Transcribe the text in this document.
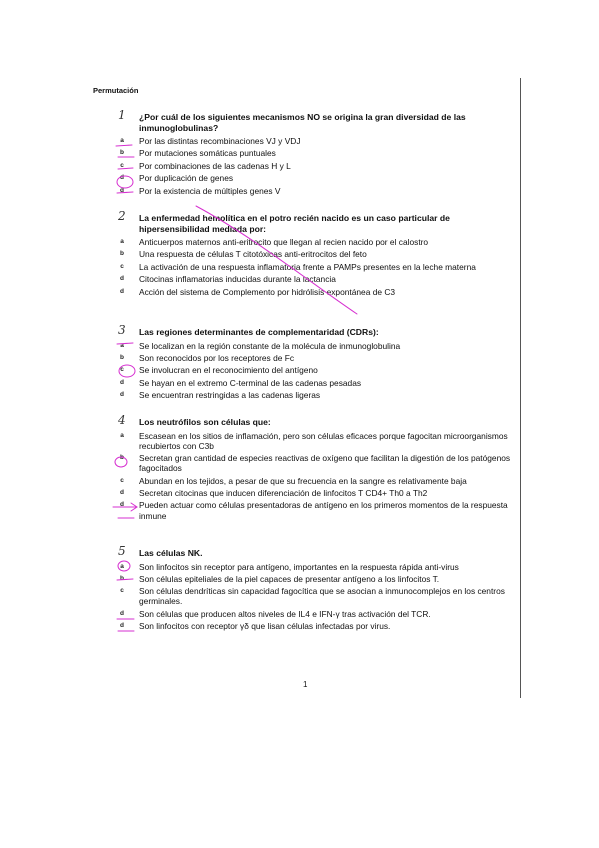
Permutación
1 ¿Por cuál de los siguientes mecanismos NO se origina la gran diversidad de las inmunoglobulinas?
a	Por las distintas recombinaciones VJ y VDJ
b	Por mutaciones somáticas puntuales
c	Por combinaciones de las cadenas H y L
d	Por duplicación de genes
d	Por la existencia de múltiples genes V
2 La enfermedad hemolítica en el potro recién nacido es un caso particular de hipersensibilidad mediada por:
a	Anticuerpos maternos anti-eritrocito que llegan al recien nacido por el calostro
b	Una respuesta de células T citotóxicas anti-eritrocitos del feto
c	La activación de una respuesta inflamatoria frente a PAMPs presentes en la leche materna
d	Citocinas inflamatorias inducidas durante la lactancia
d	Acción del sistema de Complemento por hidrólisis expontánea de C3
3 Las regiones determinantes de complementaridad (CDRs):
a	Se localizan en la región constante de la molécula de inmunoglobulina
b	Son reconocidos por los receptores de Fc
c	Se involucran en el reconocimiento del antígeno
d	Se hayan en el extremo C-terminal de las cadenas pesadas
d	Se encuentran restringidas a las cadenas ligeras
4 Los neutrófilos son células que:
a	Escasean en los sitios de inflamación, pero son células eficaces porque fagocitan microorganismos recubiertos con C3b
b	Secretan gran cantidad de especies reactivas de oxígeno que facilitan la digestión de los patógenos fagocitados
c	Abundan en los tejidos, a pesar de que su frecuencia en la sangre es relativamente baja
d	Secretan citocinas que inducen diferenciación de linfocitos T CD4+ Th0 a Th2
d	Pueden actuar como células presentadoras de antígeno en los primeros momentos de la respuesta inmune
5 Las células NK.
a	Son linfocitos sin receptor para antígeno, importantes en la respuesta rápida anti-virus
b	Son células epiteliales de la piel capaces de presentar antígeno a los linfocitos T.
c	Son células dendríticas sin capacidad fagocítica que se asocian a inmunocomplejos en los centros germinales.
d	Son células que producen altos niveles de IL4 e IFN-γ tras activación del TCR.
d	Son linfocitos con receptor γδ que lisan células infectadas por virus.
1
